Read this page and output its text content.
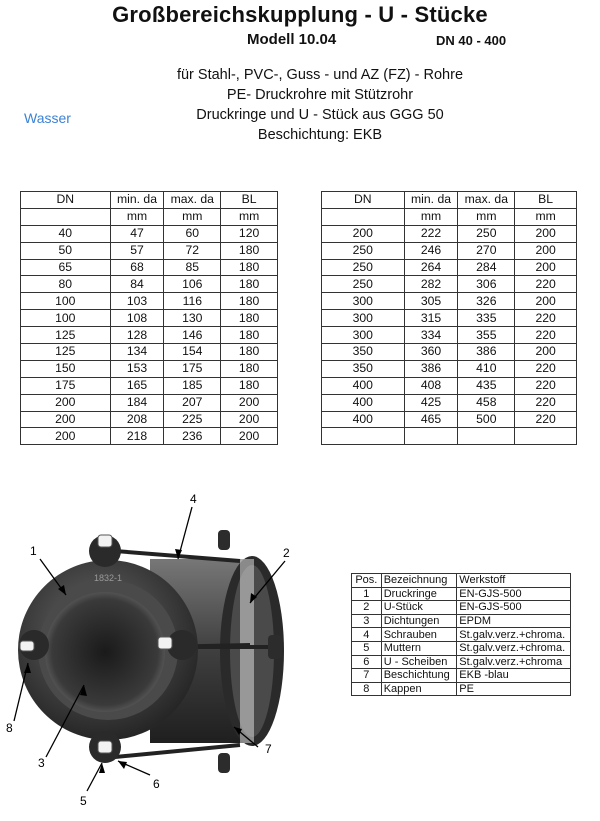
Großbereichskupplung - U - Stücke
Modell 10.04	DN 40 - 400
Wasser
für Stahl-, PVC-, Guss - und AZ (FZ) - Rohre
PE- Druckrohre mit Stützrohr
Druckringe und U - Stück aus GGG 50
Beschichtung: EKB
DN	min. da	max. da	BL
	mm	mm	mm
40	47	60	120
50	57	72	180
65	68	85	180
80	84	106	180
100	103	116	180
100	108	130	180
125	128	146	180
125	134	154	180
150	153	175	180
175	165	185	180
200	184	207	200
200	208	225	200
200	218	236	200
DN	min. da	max. da	BL
	mm	mm	mm
200	222	250	200
250	246	270	200
250	264	284	200
250	282	306	220
300	305	326	200
300	315	335	220
300	334	355	220
350	360	386	200
350	386	410	220
400	408	435	220
400	425	458	220
400	465	500	220

1832-1
1	2
3
4
5
6
7
8
Pos.	Bezeichnung	Werkstoff
1	Druckringe	EN-GJS-500
2	U-Stück	EN-GJS-500
3	Dichtungen	EPDM
4	Schrauben	St.galv.verz.+chroma.
5	Muttern	St.galv.verz.+chroma.
6	U - Scheiben	St.galv.verz.+chroma
7	Beschichtung	EKB -blau
8	Kappen	PE
